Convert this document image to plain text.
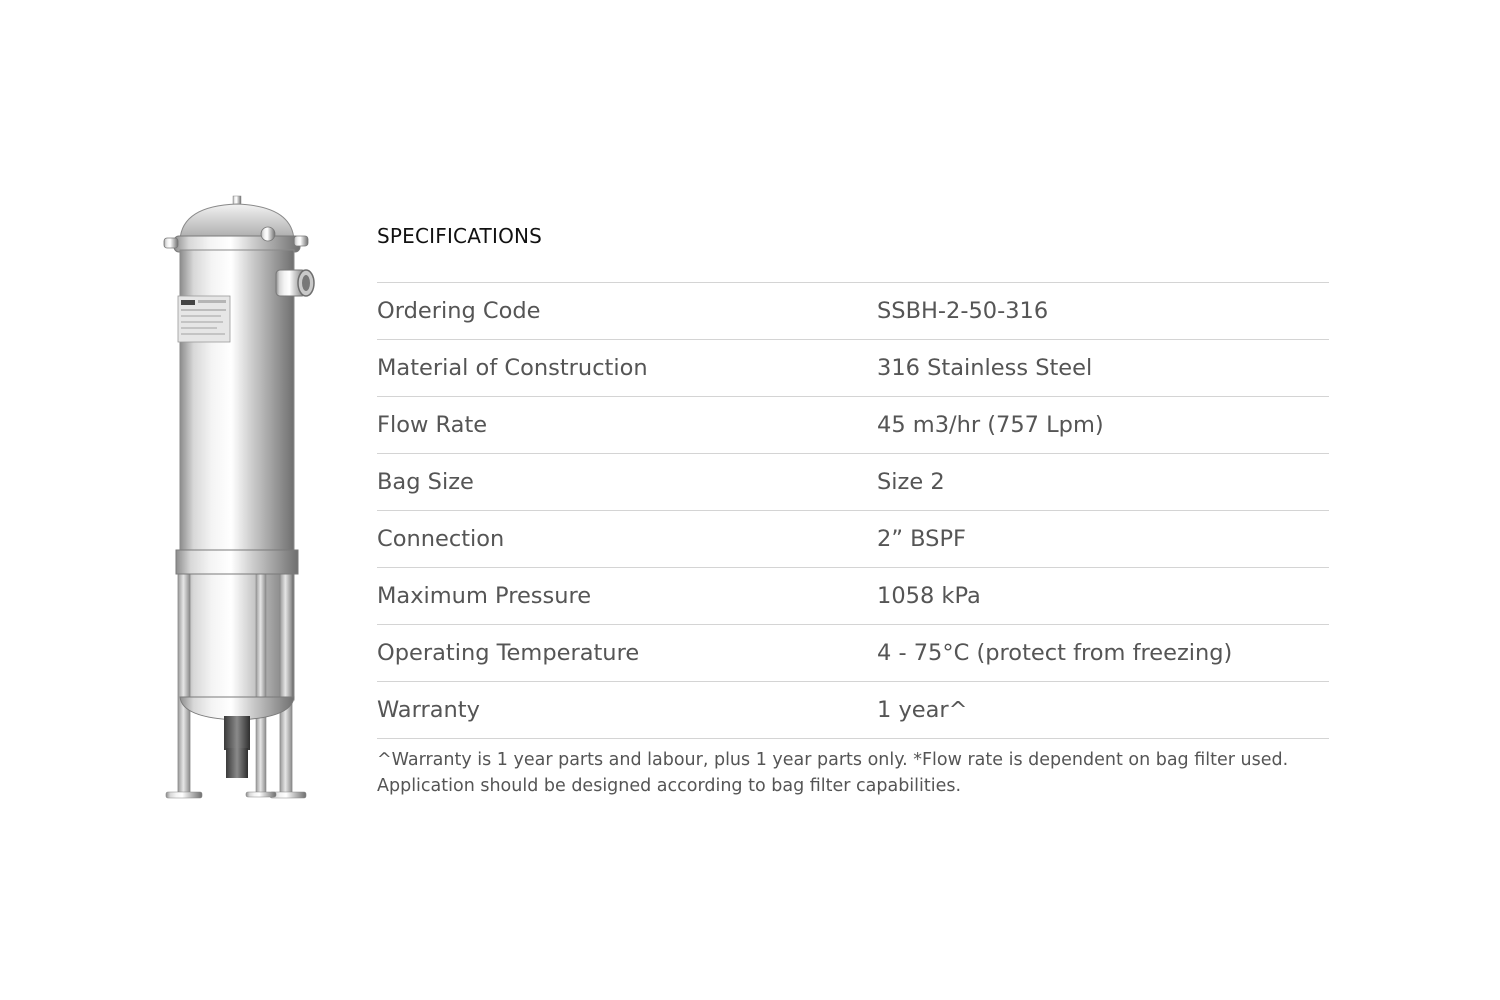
SPECIFICATIONS
Ordering Code	SSBH-2-50-316
Material of Construction	316 Stainless Steel
Flow Rate	45 m3/hr (757 Lpm)
Bag Size	Size 2
Connection	2” BSPF
Maximum Pressure	1058 kPa
Operating Temperature	4 - 75°C (protect from freezing)
Warranty	1 year^

^Warranty is 1 year parts and labour, plus 1 year parts only. *Flow rate is dependent on bag filter used. Application should be designed according to bag filter capabilities.
